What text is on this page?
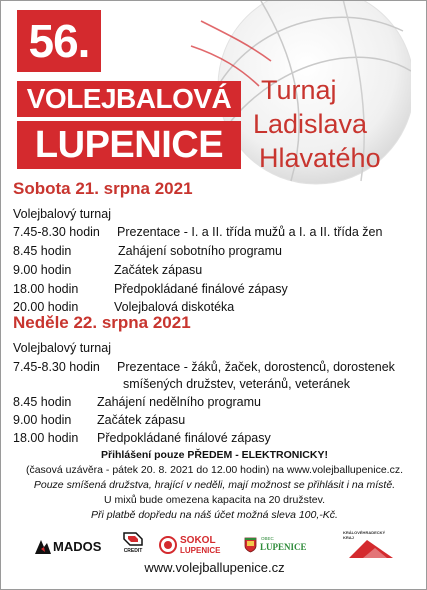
56.
VOLEJBALOVÁ
LUPENICE
Turnaj
Ladislava
Hlavatého
Sobota 21. srpna 2021
Volejbalový turnaj
7.45-8.30 hodin Prezentace - I. a II. třída mužů a I. a II. třída žen
8.45 hodin	Zahájení sobotního programu
9.00 hodin	Začátek zápasu
18.00 hodin	Předpokládané finálové zápasy
20.00 hodin	Volejbalová diskotéka
Neděle 22. srpna 2021
Volejbalový turnaj
7.45-8.30 hodin Prezentace - žáků, žaček, dorostenců, dorostenek
smíšených družstev, veteránů, veteránek
8.45 hodin Zahájení nedělního programu
9.00 hodin Začátek zápasu
18.00 hodin Předpokládané finálové zápasy
Přihlášení pouze PŘEDEM - ELEKTRONICKY!
(časová uzávěra - pátek 20. 8. 2021 do 12.00 hodin) na www.volejballupenice.cz.
Pouze smíšená družstva, hrající v neděli, mají možnost se přihlásit i na místě.
U mixů bude omezena kapacita na 20 družstev.
Při platbě dopředu na náš účet možná sleva 100,-Kč.
MADOS	CREDIT
SOKOL
LUPENICE
OBEC
LUPENICE
KRÁLOVÉHRADECKÝ
KRAJ
www.volejballupenice.cz
